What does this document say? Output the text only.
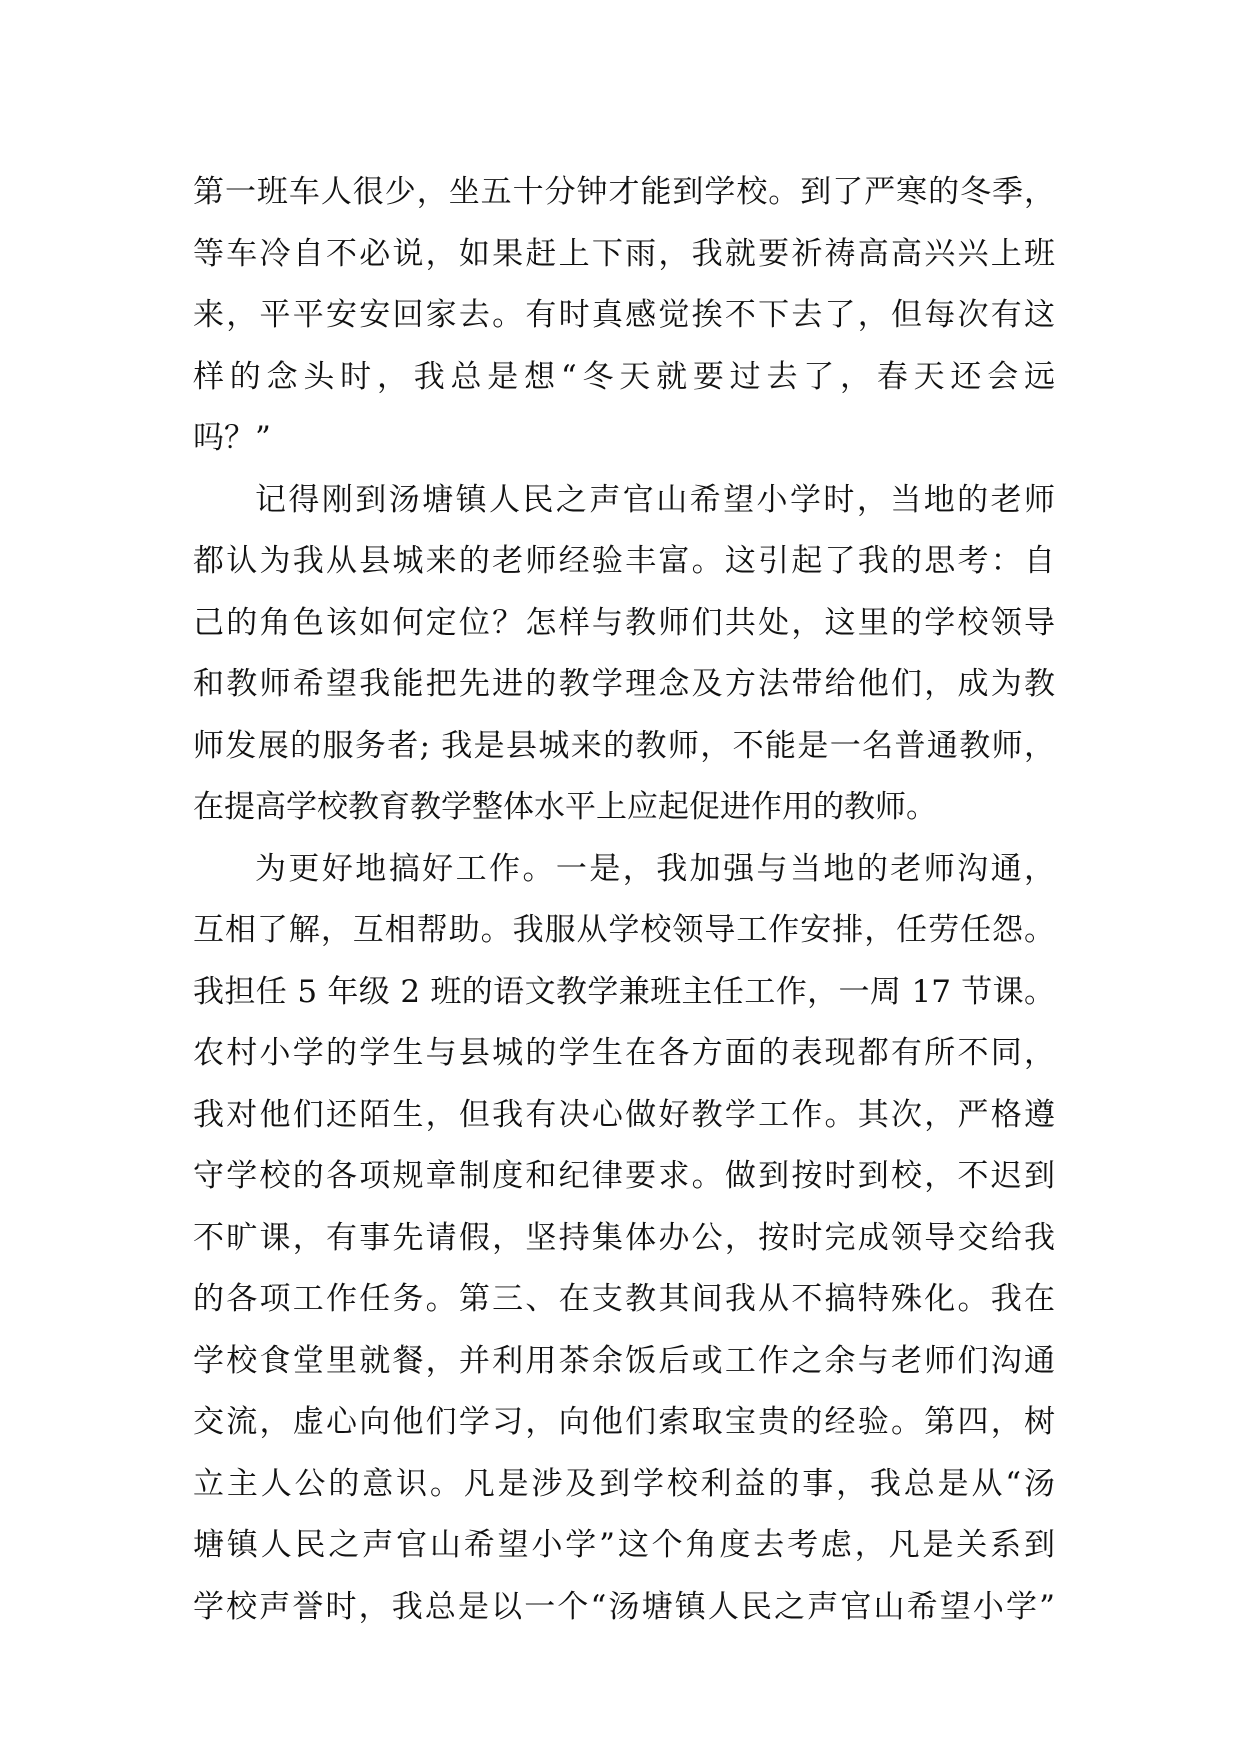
第一班车人很少，坐五十分钟才能到学校。到了严寒的冬季，
等车冷自不必说，如果赶上下雨，我就要祈祷高高兴兴上班
来，平平安安回家去。有时真感觉挨不下去了，但每次有这
样的念头时，我总是想“冬天就要过去了，春天还会远
吗？”
记得刚到汤塘镇人民之声官山希望小学时，当地的老师
都认为我从县城来的老师经验丰富。这引起了我的思考：自
己的角色该如何定位？怎样与教师们共处，这里的学校领导
和教师希望我能把先进的教学理念及方法带给他们，成为教
师发展的服务者; 我是县城来的教师，不能是一名普通教师，
在提高学校教育教学整体水平上应起促进作用的教师。
为更好地搞好工作。一是，我加强与当地的老师沟通，
互相了解，互相帮助。我服从学校领导工作安排，任劳任怨。
我担任 5 年级 2 班的语文教学兼班主任工作，一周 17 节课。
农村小学的学生与县城的学生在各方面的表现都有所不同，
我对他们还陌生，但我有决心做好教学工作。其次，严格遵
守学校的各项规章制度和纪律要求。做到按时到校，不迟到
不旷课，有事先请假，坚持集体办公，按时完成领导交给我
的各项工作任务。第三、在支教其间我从不搞特殊化。我在
学校食堂里就餐，并利用茶余饭后或工作之余与老师们沟通
交流，虚心向他们学习，向他们索取宝贵的经验。第四，树
立主人公的意识。凡是涉及到学校利益的事，我总是从“汤
塘镇人民之声官山希望小学”这个角度去考虑，凡是关系到
学校声誉时，我总是以一个“汤塘镇人民之声官山希望小学”
